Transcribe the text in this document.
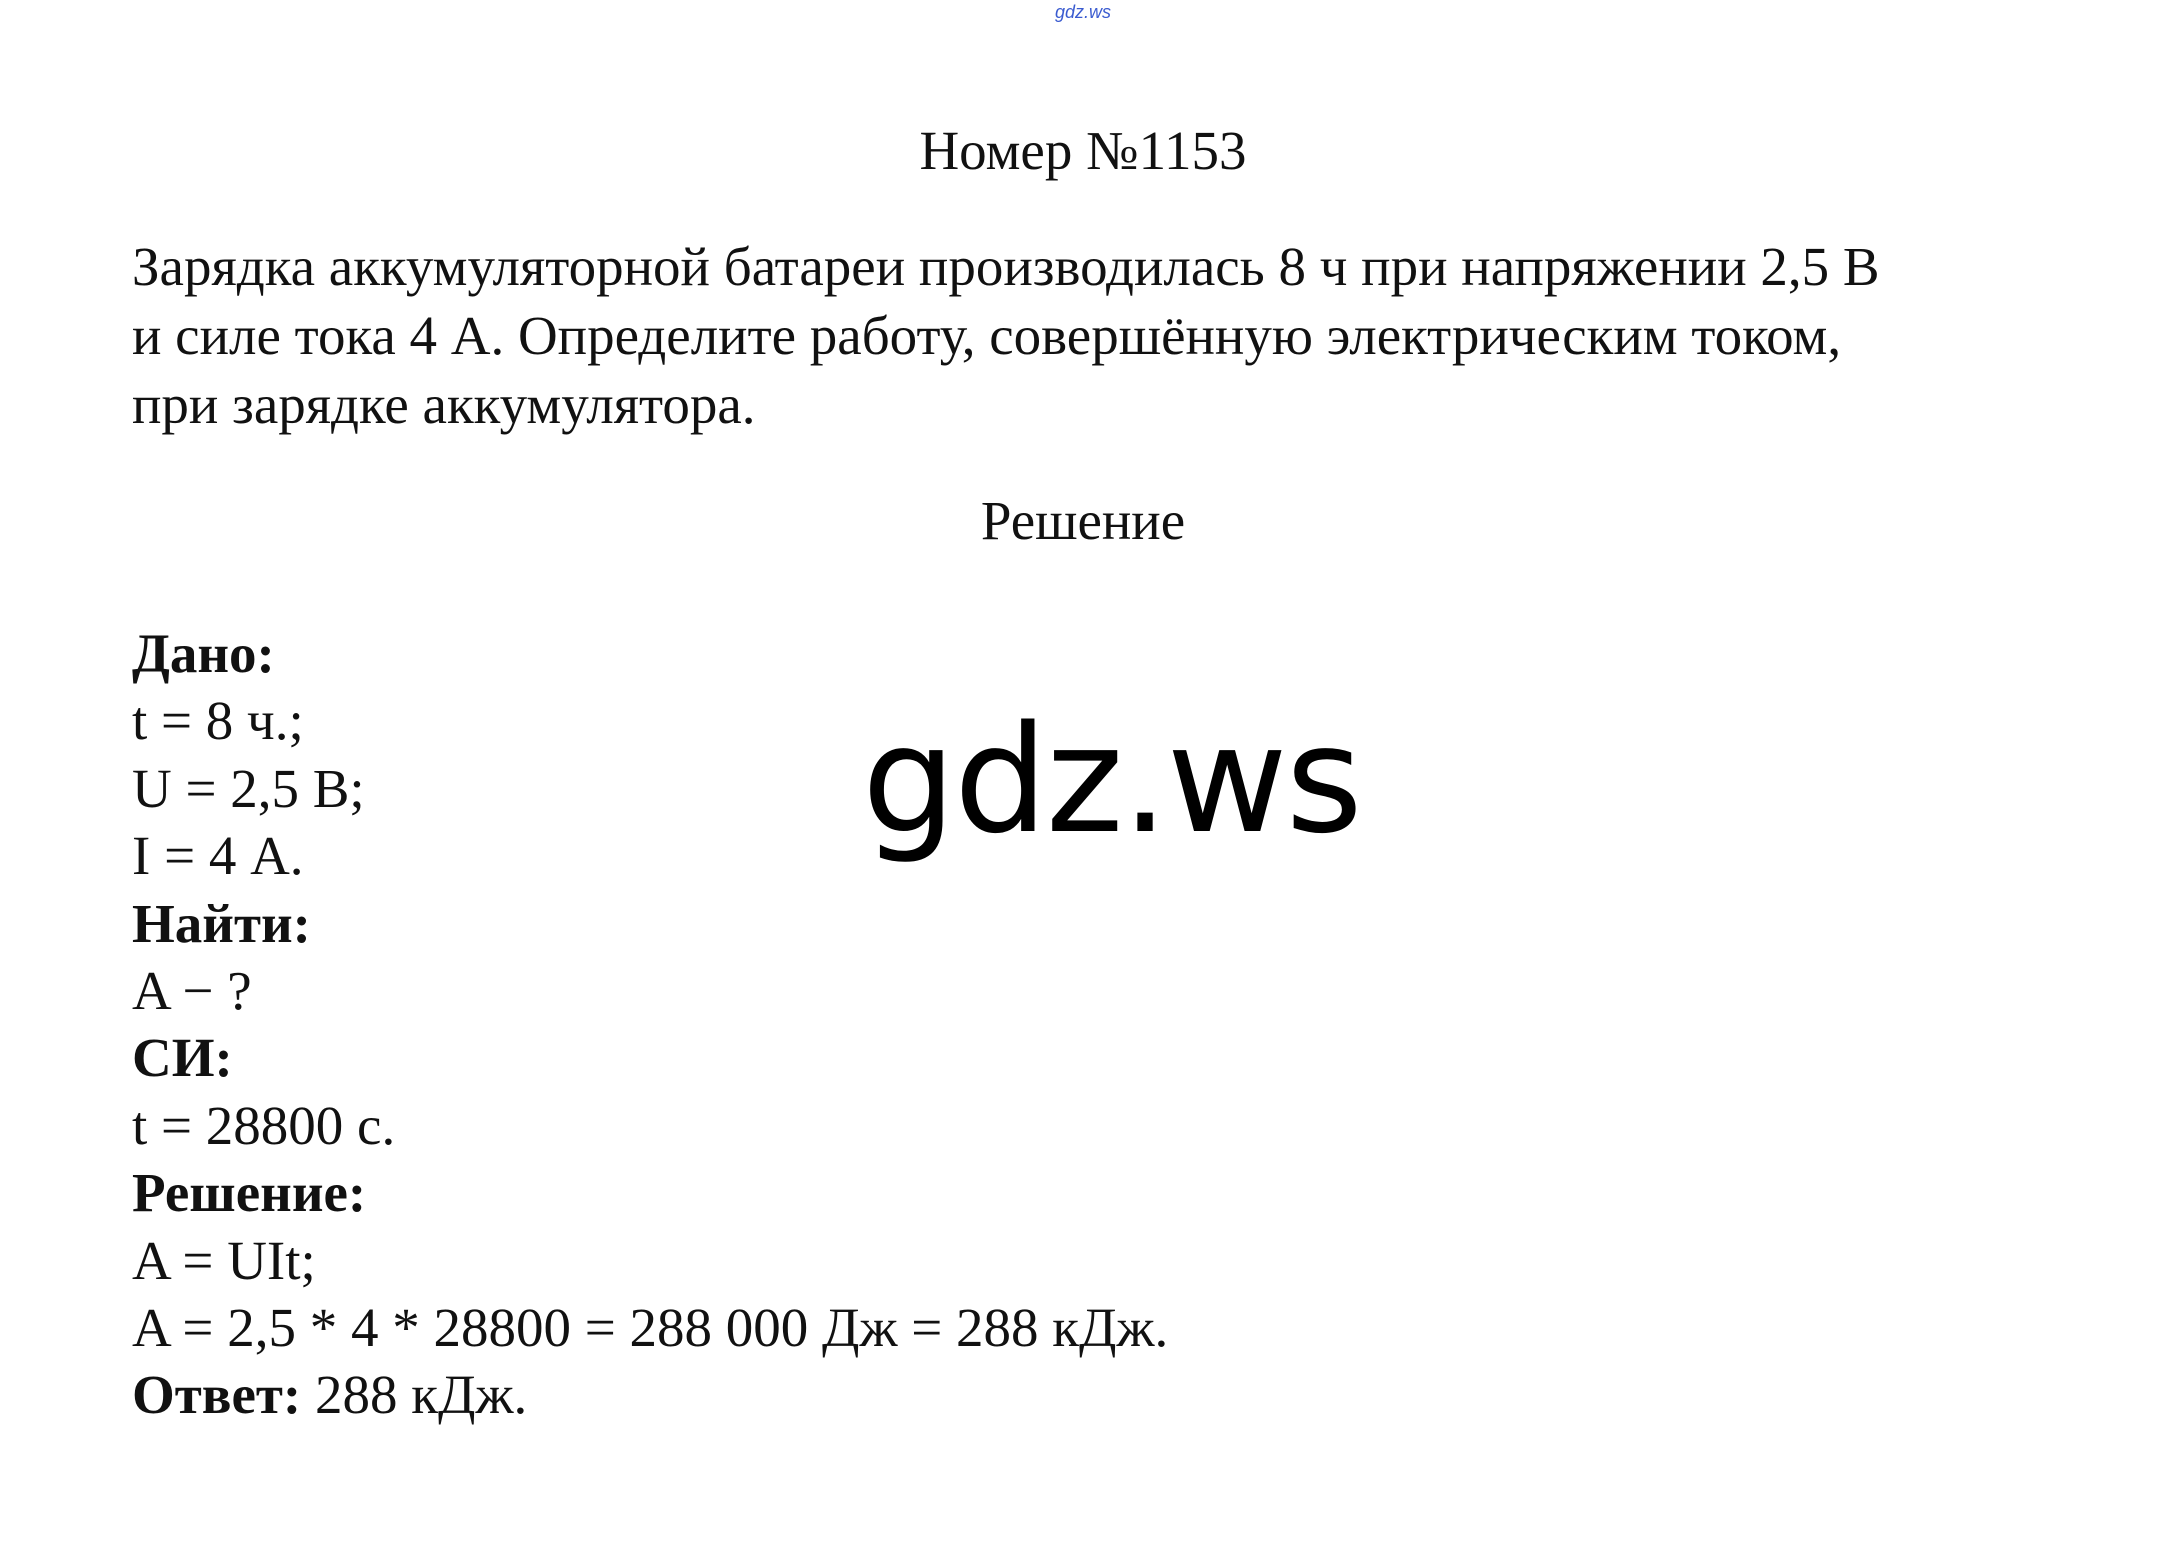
gdz.ws
Номер №1153
Зарядка аккумуляторной батареи производилась 8 ч при напряжении 2,5 В
и силе тока 4 А. Определите работу, совершённую электрическим током,
при зарядке аккумулятора.
Решение
Дано:
t = 8 ч.;
U = 2,5 В;
I = 4 А.
Найти:
A − ?
СИ:
t = 28800 с.
Решение:
A = UIt;
A = 2,5 * 4 * 28800 = 288 000 Дж = 288 кДж.
Ответ: 288 кДж.
gdz.ws
